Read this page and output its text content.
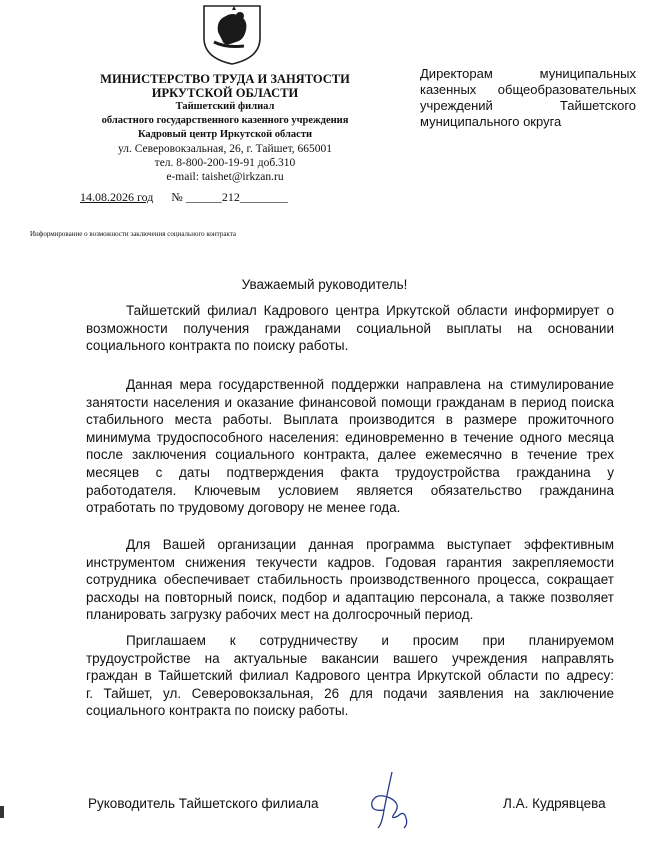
МИНИСТЕРСТВО ТРУДА И ЗАНЯТОСТИ
ИРКУТСКОЙ ОБЛАСТИ
Тайшетский филиал
областного государственного казенного учреждения
Кадровый центр Иркутской области
ул. Северовокзальная, 26, г. Тайшет, 665001
тел. 8-800-200-19-91 доб.310
e-mail: taishet@irkzan.ru
14.08.2026 год № ______212________
Информирование о возможности заключения социального контракта
Директорам муниципальных
казенных общеобразовательных
учреждений Тайшетского
муниципального округа
Уважаемый руководитель!
Тайшетский филиал Кадрового центра Иркутской области информирует о
возможности получения гражданами социальной выплаты на основании
социального контракта по поиску работы.
Данная мера государственной поддержки направлена на стимулирование
занятости населения и оказание финансовой помощи гражданам в период поиска
стабильного места работы. Выплата производится в размере прожиточного
минимума трудоспособного населения: единовременно в течение одного месяца
после заключения социального контракта, далее ежемесячно в течение трех
месяцев с даты подтверждения факта трудоустройства гражданина у
работодателя. Ключевым условием является обязательство гражданина
отработать по трудовому договору не менее года.
Для Вашей организации данная программа выступает эффективным
инструментом снижения текучести кадров. Годовая гарантия закрепляемости
сотрудника обеспечивает стабильность производственного процесса, сокращает
расходы на повторный поиск, подбор и адаптацию персонала, а также позволяет
планировать загрузку рабочих мест на долгосрочный период.
Приглашаем к сотрудничеству и просим при планируемом
трудоустройстве на актуальные вакансии вашего учреждения направлять
граждан в Тайшетский филиал Кадрового центра Иркутской области по адресу:
г. Тайшет, ул. Северовокзальная, 26 для подачи заявления на заключение
социального контракта по поиску работы.
Руководитель Тайшетского филиала	Л.А. Кудрявцева
